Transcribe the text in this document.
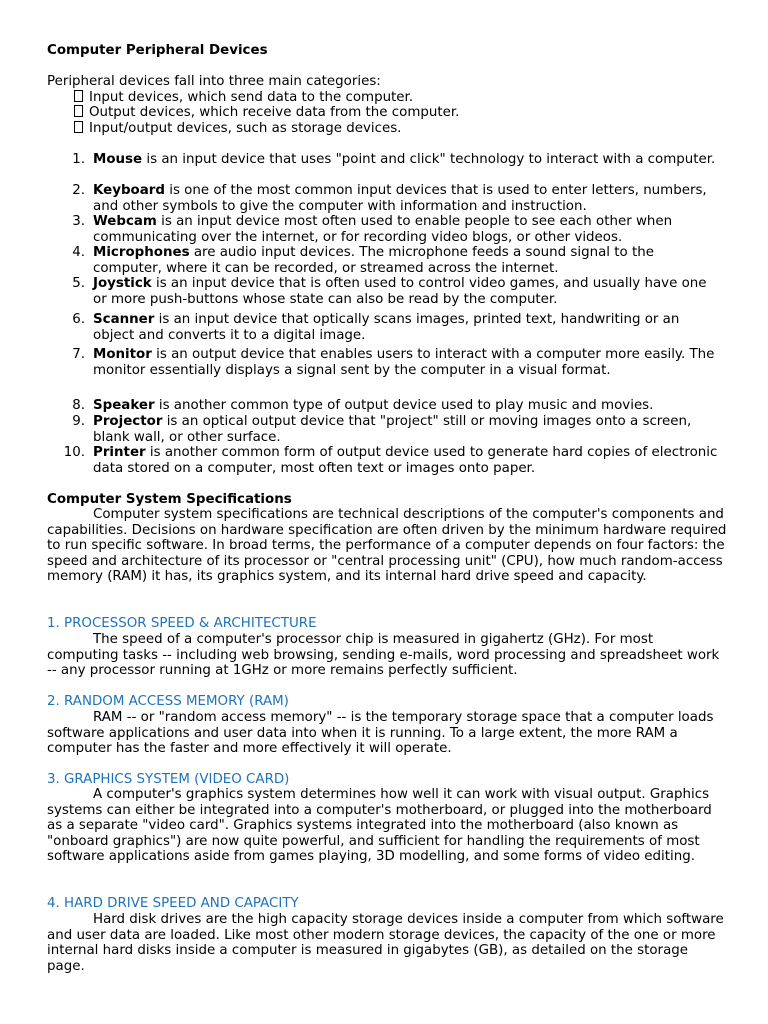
Computer Peripheral Devices
Peripheral devices fall into three main categories:
Input devices, which send data to the computer.
Output devices, which receive data from the computer.
Input/output devices, such as storage devices.
1. Mouse is an input device that uses "point and click" technology to interact with a computer.
2. Keyboard is one of the most common input devices that is used to enter letters, numbers, and other symbols to give the computer with information and instruction.
3. Webcam is an input device most often used to enable people to see each other when communicating over the internet, or for recording video blogs, or other videos.
4. Microphones are audio input devices. The microphone feeds a sound signal to the computer, where it can be recorded, or streamed across the internet.
5. Joystick is an input device that is often used to control video games, and usually have one or more push-buttons whose state can also be read by the computer.
6. Scanner is an input device that optically scans images, printed text, handwriting or an object and converts it to a digital image.
7. Monitor is an output device that enables users to interact with a computer more easily. The monitor essentially displays a signal sent by the computer in a visual format.
8. Speaker is another common type of output device used to play music and movies.
9. Projector is an optical output device that "project" still or moving images onto a screen, blank wall, or other surface.
10. Printer is another common form of output device used to generate hard copies of electronic data stored on a computer, most often text or images onto paper.
Computer System Specifications
Computer system specifications are technical descriptions of the computer's components and capabilities. Decisions on hardware specification are often driven by the minimum hardware required to run specific software. In broad terms, the performance of a computer depends on four factors: the speed and architecture of its processor or "central processing unit" (CPU), how much random-access memory (RAM) it has, its graphics system, and its internal hard drive speed and capacity.
1. PROCESSOR SPEED & ARCHITECTURE
The speed of a computer's processor chip is measured in gigahertz (GHz). For most computing tasks -- including web browsing, sending e-mails, word processing and spreadsheet work -- any processor running at 1GHz or more remains perfectly sufficient.
2. RANDOM ACCESS MEMORY (RAM)
RAM -- or "random access memory" -- is the temporary storage space that a computer loads software applications and user data into when it is running. To a large extent, the more RAM a computer has the faster and more effectively it will operate.
3. GRAPHICS SYSTEM (VIDEO CARD)
A computer's graphics system determines how well it can work with visual output. Graphics systems can either be integrated into a computer's motherboard, or plugged into the motherboard as a separate "video card". Graphics systems integrated into the motherboard (also known as "onboard graphics") are now quite powerful, and sufficient for handling the requirements of most software applications aside from games playing, 3D modelling, and some forms of video editing.
4. HARD DRIVE SPEED AND CAPACITY
Hard disk drives are the high capacity storage devices inside a computer from which software and user data are loaded. Like most other modern storage devices, the capacity of the one or more internal hard disks inside a computer is measured in gigabytes (GB), as detailed on the storage page.
